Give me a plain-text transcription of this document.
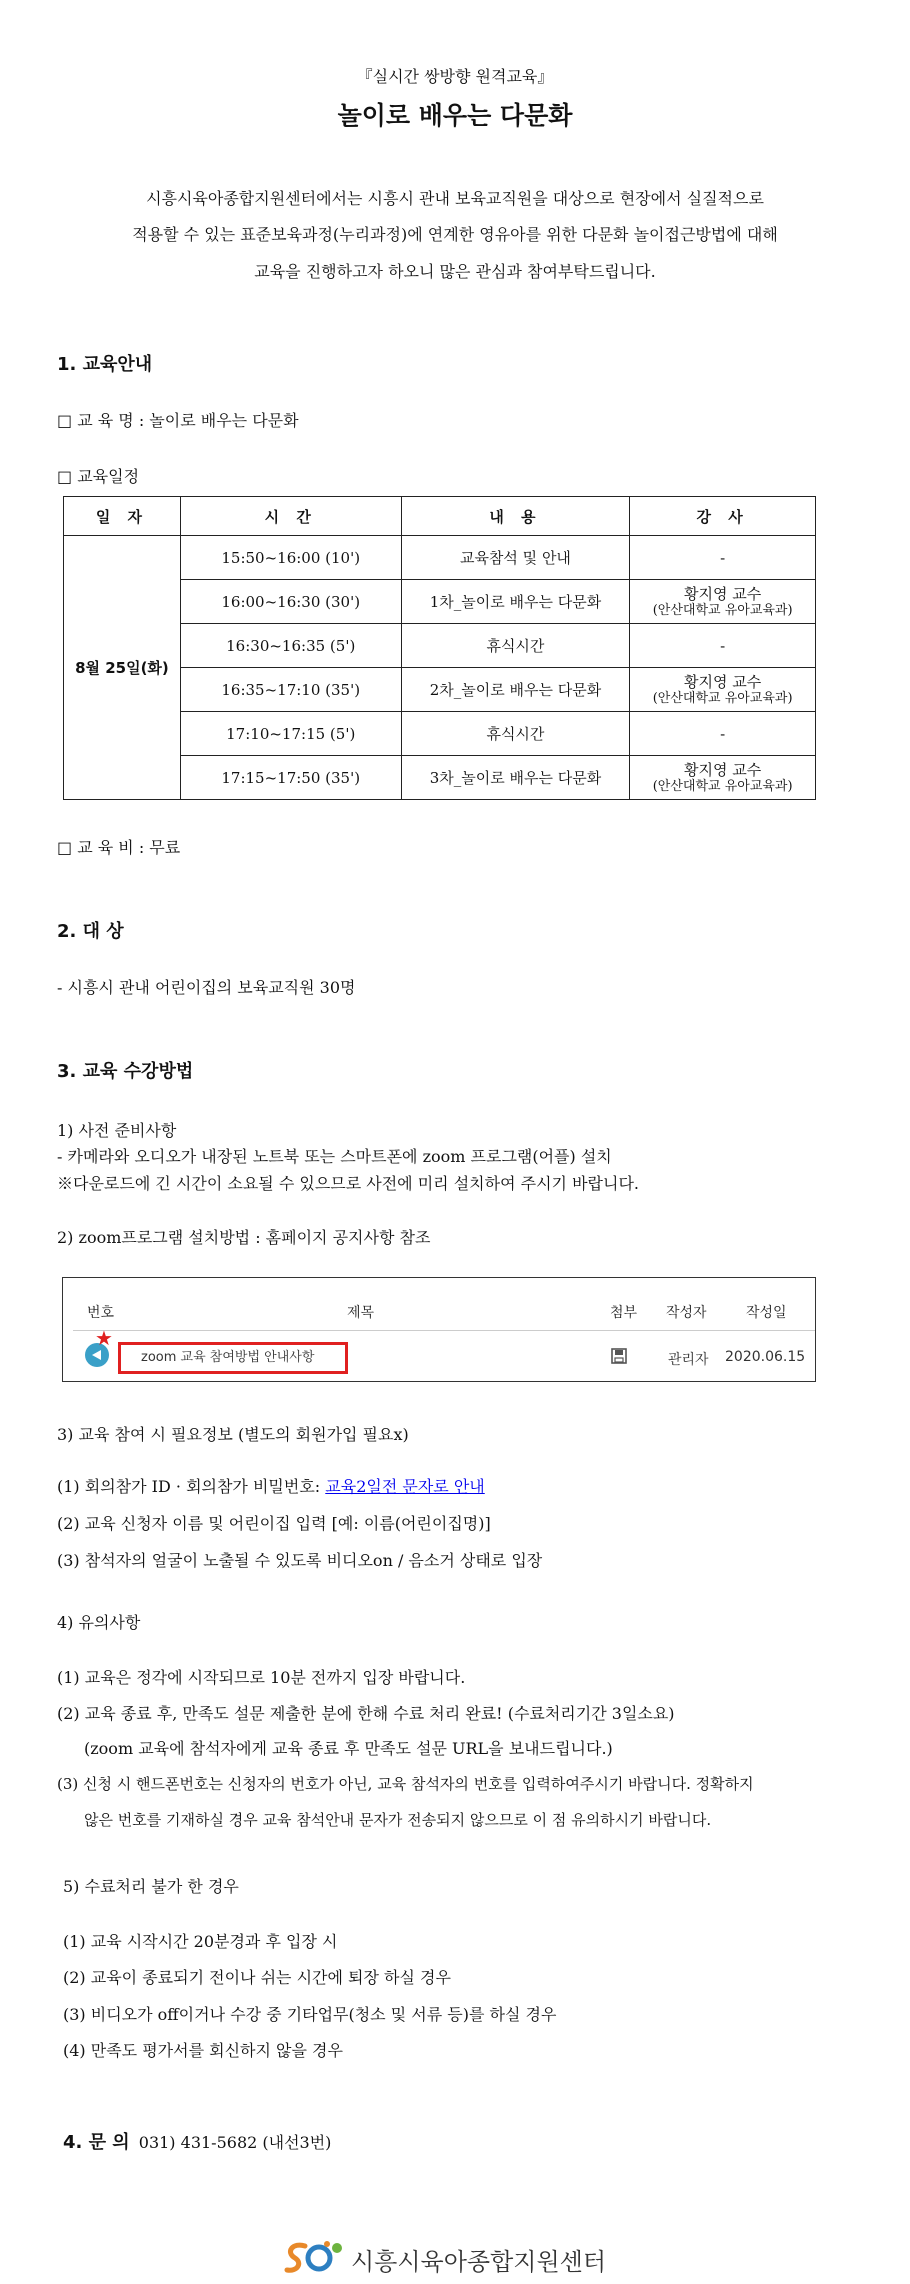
『실시간 쌍방향 원격교육』
놀이로 배우는 다문화
시흥시육아종합지원센터에서는 시흥시 관내 보육교직원을 대상으로 현장에서 실질적으로
적용할 수 있는 표준보육과정(누리과정)에 연계한 영유아를 위한 다문화 놀이접근방법에 대해
교육을 진행하고자 하오니 많은 관심과 참여부탁드립니다.
1. 교육안내
□ 교 육 명 : 놀이로 배우는 다문화
□ 교육일정
일 자	시 간	내 용	강 사
8월 25일(화)	15:50~16:00 (10')	교육참석 및 안내	-
	16:00~16:30 (30')	1차_놀이로 배우는 다문화	황지영 교수
(안산대학교 유아교육과)

	16:30~16:35 (5')	휴식시간	-
	16:35~17:10 (35')	2차_놀이로 배우는 다문화	황지영 교수
(안산대학교 유아교육과)

	17:10~17:15 (5')	휴식시간	-
	17:15~17:50 (35')	3차_놀이로 배우는 다문화	황지영 교수
(안산대학교 유아교육과)
□ 교 육 비 : 무료
2. 대 상
- 시흥시 관내 어린이집의 보육교직원 30명
3. 교육 수강방법
1) 사전 준비사항
- 카메라와 오디오가 내장된 노트북 또는 스마트폰에 zoom 프로그램(어플) 설치
※다운로드에 긴 시간이 소요될 수 있으므로 사전에 미리 설치하여 주시기 바랍니다.
2) zoom프로그램 설치방법 : 홈페이지 공지사항 참조
번호	제목	첨부 작성자	작성일
★
zoom 교육 참여방법 안내사항	관리자 2020.06.15
3) 교육 참여 시 필요정보 (별도의 회원가입 필요x)
(1) 회의참가 ID · 회의참가 비밀번호: 교육2일전 문자로 안내
(2) 교육 신청자 이름 및 어린이집 입력 [예: 이름(어린이집명)]
(3) 참석자의 얼굴이 노출될 수 있도록 비디오on / 음소거 상태로 입장
4) 유의사항
(1) 교육은 정각에 시작되므로 10분 전까지 입장 바랍니다.
(2) 교육 종료 후, 만족도 설문 제출한 분에 한해 수료 처리 완료! (수료처리기간 3일소요)
(zoom 교육에 참석자에게 교육 종료 후 만족도 설문 URL을 보내드립니다.)
(3) 신청 시 핸드폰번호는 신청자의 번호가 아닌, 교육 참석자의 번호를 입력하여주시기 바랍니다. 정확하지
않은 번호를 기재하실 경우 교육 참석안내 문자가 전송되지 않으므로 이 점 유의하시기 바랍니다.
5) 수료처리 불가 한 경우
(1) 교육 시작시간 20분경과 후 입장 시
(2) 교육이 종료되기 전이나 쉬는 시간에 퇴장 하실 경우
(3) 비디오가 off이거나 수강 중 기타업무(청소 및 서류 등)를 하실 경우
(4) 만족도 평가서를 회신하지 않을 경우
4. 문 의 031) 431-5682 (내선3번)
시흥시육아종합지원센터
